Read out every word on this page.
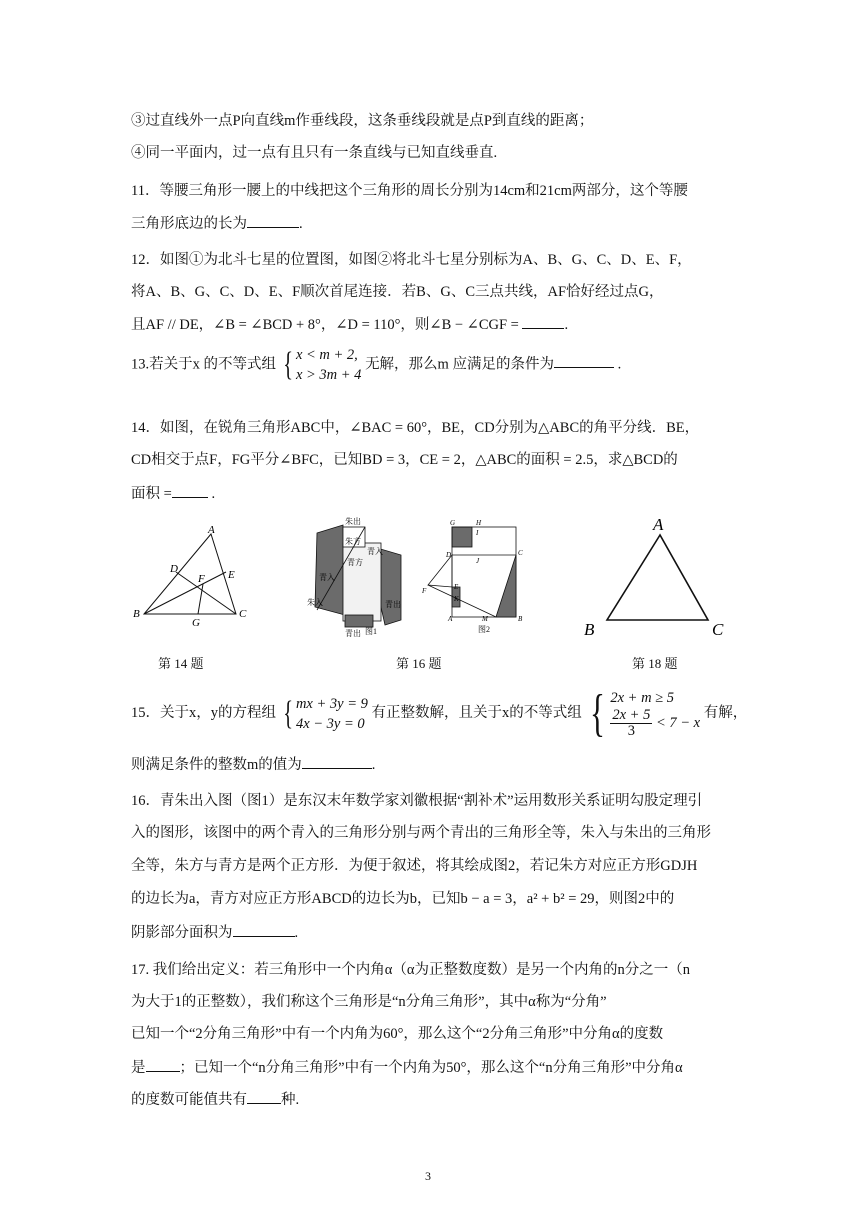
③过直线外一点P向直线m作垂线段，这条垂线段就是点P到直线的距离；
④同一平面内，过一点有且只有一条直线与已知直线垂直.
11．等腰三角形一腰上的中线把这个三角形的周长分别为14cm和21cm两部分，这个等腰
三角形底边的长为	.
12．如图①为北斗七星的位置图，如图②将北斗七星分别标为A、B、G、C、D、E、F，
将A、B、G、C、D、E、F顺次首尾连接．若B、G、C三点共线，AF恰好经过点G，
且AF // DE，∠B = ∠BCD + 8°，∠D = 110°，则∠B − ∠CGF =	.
13.若关于x 的不等式组 { x < m + 2,
x > 3m + 4 无解，那么m 应满足的条件为	.
14．如图，在锐角三角形ABC中，∠BAC = 60°，BE，CD分别为△ABC的角平分线．BE，
CD相交于点F，FG平分∠BFC，已知BD = 3，CE = 2，△ABC的面积 = 2.5，求△BCD的
面积 = .
A
B	C
D	E
F
G
朱出
朱方
青入
青方
青入
朱入	青出
青出 图1
G	H
I
D
J
C
F	E
K
A	M	B
图2
A
B	C
第 14 题	第 16 题	第 18 题
15．关于x，y的方程组 { mx + 3y = 9
4x − 3y = 0 有正整数解，且关于x的不等式组 { 2x + m ≥ 5

$\frac{2x + 5}{3} < 7 - x$ 有解，
则满足条件的整数m的值为	.
16．青朱出入图（图1）是东汉末年数学家刘徽根据“割补术”运用数形关系证明勾股定理引
入的图形，该图中的两个青入的三角形分别与两个青出的三角形全等，朱入与朱出的三角形
全等，朱方与青方是两个正方形．为便于叙述，将其绘成图2，若记朱方对应正方形GDJH
的边长为a，青方对应正方形ABCD的边长为b，已知b − a = 3，a² + b² = 29，则图2中的
阴影部分面积为	.
17. 我们给出定义：若三角形中一个内角α（α为正整数度数）是另一个内角的n分之一（n
为大于1的正整数），我们称这个三角形是“n分角三角形”，其中α称为“分角”
已知一个“2分角三角形”中有一个内角为60°，那么这个“2分角三角形”中分角α的度数
是 ；已知一个“n分角三角形”中有一个内角为50°，那么这个“n分角三角形”中分角α
的度数可能值共有 种.
3
